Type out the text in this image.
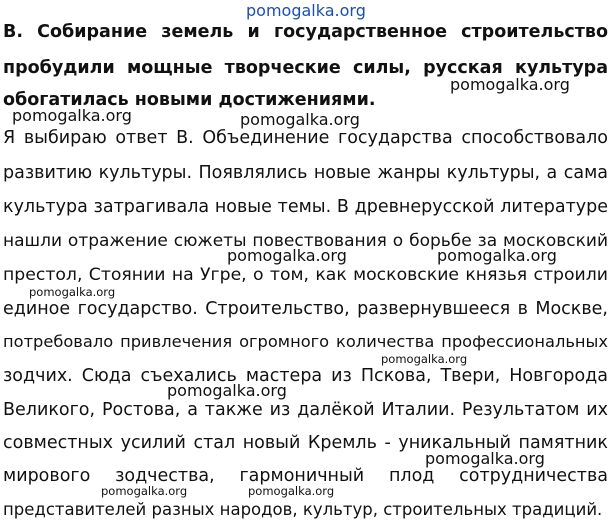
pomogalka.org
B. Собирание земель и государственное строительство
пробудили мощные творческие силы, русская культура
обогатилась новыми достижениями.
Я выбираю ответ В. Объединение государства способствовало
развитию культуры. Появлялись новые жанры культуры, а сама
культура затрагивала новые темы. В древнерусской литературе
нашли отражение сюжеты повествования о борьбе за московский
престол, Стоянии на Угре, о том, как московские князья строили
единое государство. Строительство, развернувшееся в Москве,
потребовало привлечения огромного количества профессиональных
зодчих. Сюда съехались мастера из Пскова, Твери, Новгорода
Великого, Ростова, а также из далёкой Италии. Результатом их
совместных усилий стал новый Кремль - уникальный памятник
мирового зодчества, гармоничный плод сотрудничества
представителей разных народов, культур, строительных традиций.
pomogalka.org
pomogalka.org	pomogalka.org
pomogalka.org	pomogalka.org
pomogalka.org
pomogalka.org
pomogalka.org
pomogalka.org
pomogalka.org	pomogalka.org
